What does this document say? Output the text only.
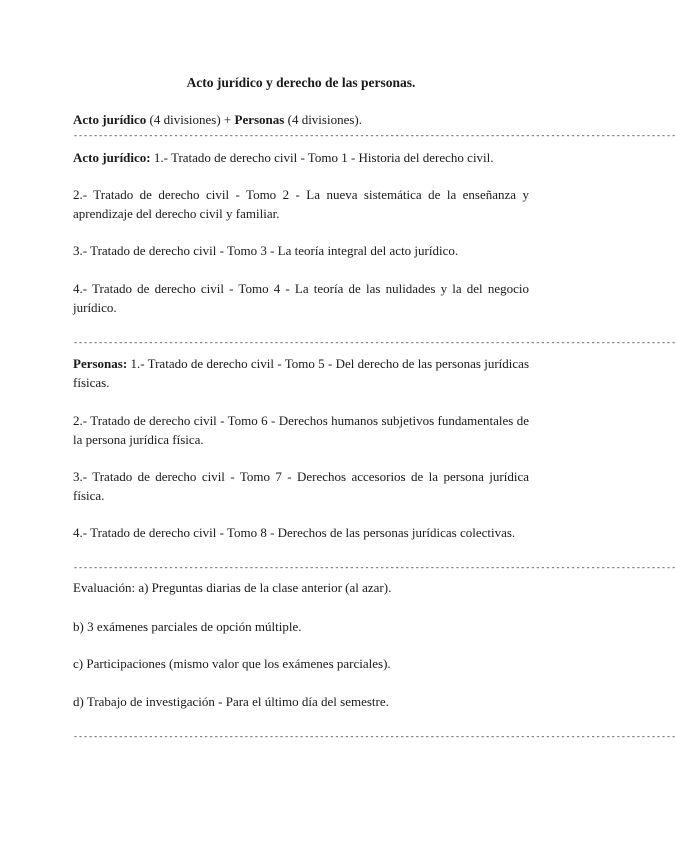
Acto jurídico y derecho de las personas.

Acto jurídico (4 divisiones) + Personas (4 divisiones).

------------------------------------------------------------------------------------------------------------------------

Acto jurídico: 1.- Tratado de derecho civil - Tomo 1 - Historia del derecho civil.

2.- Tratado de derecho civil - Tomo 2 - La nueva sistemática de la enseñanza y aprendizaje del derecho civil y familiar.

3.- Tratado de derecho civil - Tomo 3 - La teoría integral del acto jurídico.

4.- Tratado de derecho civil - Tomo 4 - La teoría de las nulidades y la del negocio jurídico.

------------------------------------------------------------------------------------------------------------------------

Personas: 1.- Tratado de derecho civil - Tomo 5 - Del derecho de las personas jurídicas físicas.

2.- Tratado de derecho civil - Tomo 6 - Derechos humanos subjetivos fundamentales de la persona jurídica física.

3.- Tratado de derecho civil - Tomo 7 - Derechos accesorios de la persona jurídica física.

4.- Tratado de derecho civil - Tomo 8 - Derechos de las personas jurídicas colectivas.

------------------------------------------------------------------------------------------------------------------------

Evaluación: a) Preguntas diarias de la clase anterior (al azar).

b) 3 exámenes parciales de opción múltiple.

c) Participaciones (mismo valor que los exámenes parciales).

d) Trabajo de investigación - Para el último día del semestre.

------------------------------------------------------------------------------------------------------------------------
